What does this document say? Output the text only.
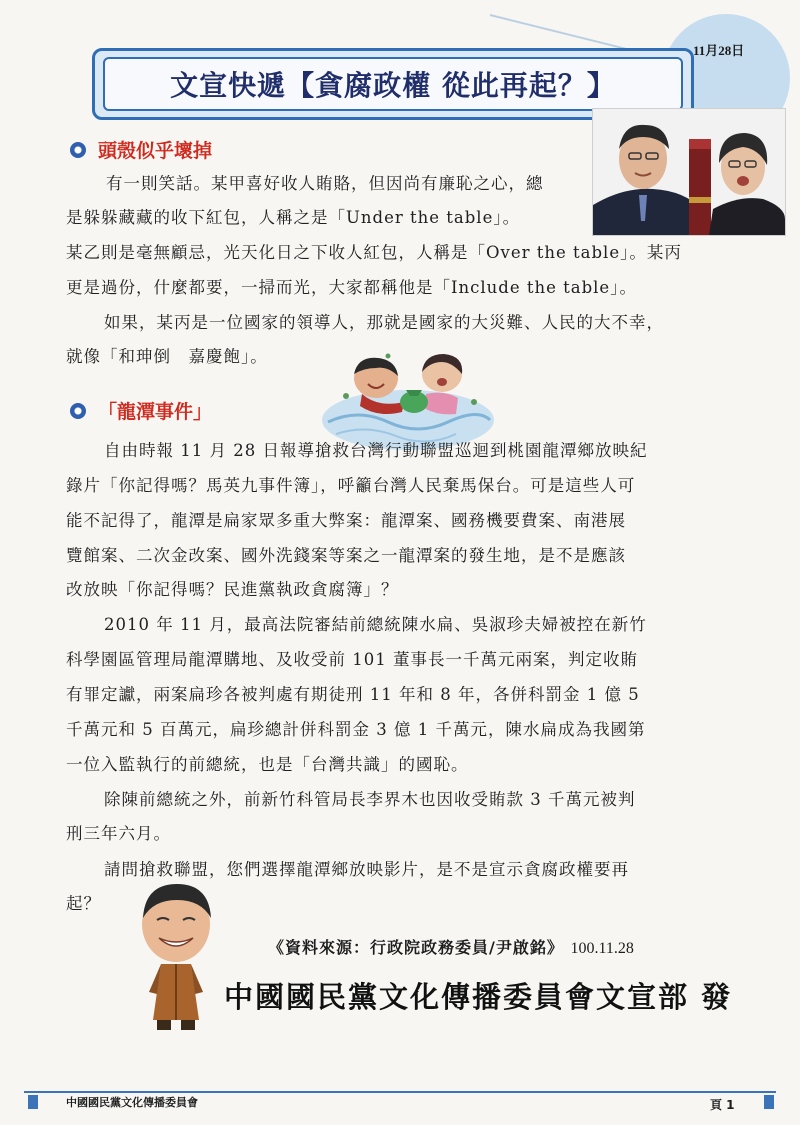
11月28日
文宣快遞【貪腐政權 從此再起？】
頭殼似乎壞掉
有一則笑話。某甲喜好收人賄賂，但因尚有廉恥之心，總
是躲躲藏藏的收下紅包，人稱之是「Under the table」。
某乙則是毫無顧忌，光天化日之下收人紅包，人稱是「Over the table」。某丙
更是過份，什麼都要，一掃而光，大家都稱他是「Include the table」。
如果，某丙是一位國家的領導人，那就是國家的大災難、人民的大不幸，
就像「和珅倒　嘉慶飽」。
「龍潭事件」
自由時報 11 月 28 日報導搶救台灣行動聯盟巡迴到桃園龍潭鄉放映紀
錄片「你記得嗎？馬英九事件簿」，呼籲台灣人民棄馬保台。可是這些人可
能不記得了，龍潭是扁家眾多重大弊案：龍潭案、國務機要費案、南港展
覽館案、二次金改案、國外洗錢案等案之一龍潭案的發生地，是不是應該
改放映「你記得嗎？民進黨執政貪腐簿」？
2010 年 11 月，最高法院審結前總統陳水扁、吳淑珍夫婦被控在新竹
科學園區管理局龍潭購地、及收受前 101 董事長一千萬元兩案，判定收賄
有罪定讞，兩案扁珍各被判處有期徒刑 11 年和 8 年，各併科罰金 1 億 5
千萬元和 5 百萬元，扁珍總計併科罰金 3 億 1 千萬元，陳水扁成為我國第
一位入監執行的前總統，也是「台灣共識」的國恥。
除陳前總統之外，前新竹科管局長李界木也因收受賄款 3 千萬元被判
刑三年六月。
請問搶救聯盟，您們選擇龍潭鄉放映影片，是不是宣示貪腐政權要再
起？
《資料來源：行政院政務委員/尹啟銘》 100.11.28
中國國民黨文化傳播委員會文宣部 發
中國國民黨文化傳播委員會	頁 1
